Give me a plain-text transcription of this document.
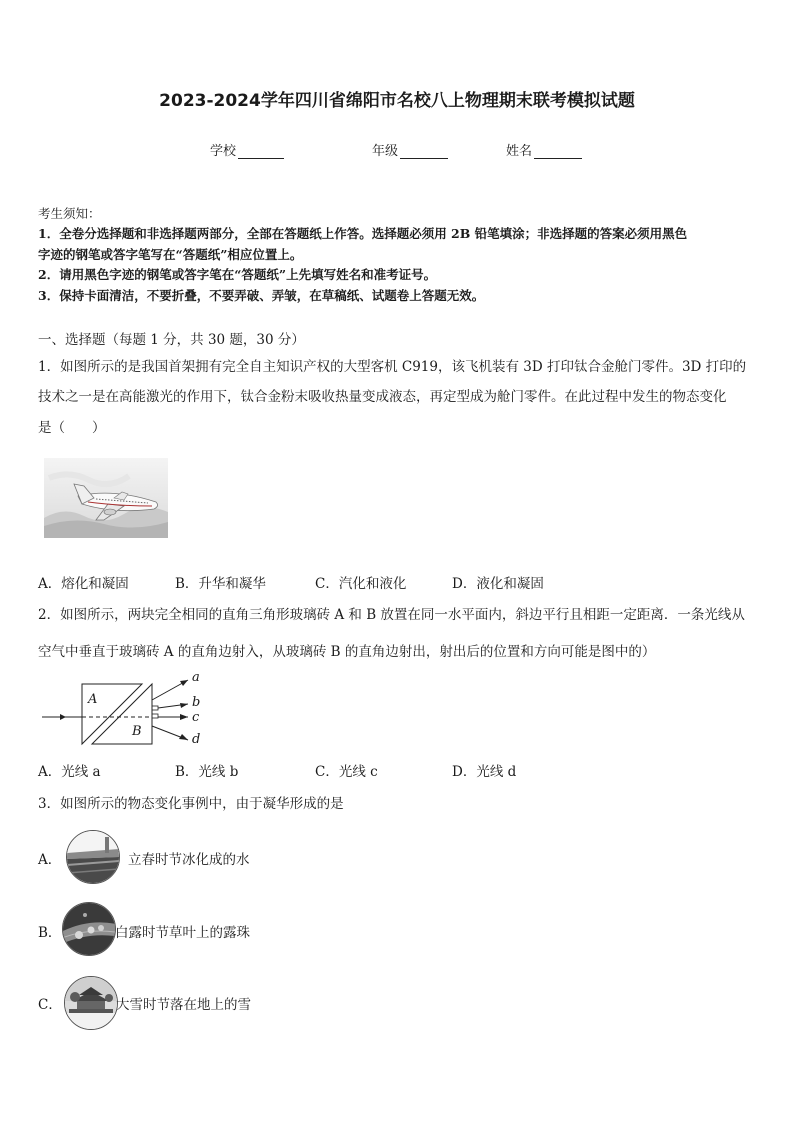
2023-2024学年四川省绵阳市名校八上物理期末联考模拟试题
学校	年级	姓名
考生须知：
1．全卷分选择题和非选择题两部分，全部在答题纸上作答。选择题必须用 2B 铅笔填涂；非选择题的答案必须用黑色
字迹的钢笔或答字笔写在“答题纸”相应位置上。
2．请用黑色字迹的钢笔或答字笔在“答题纸”上先填写姓名和准考证号。
3．保持卡面清洁，不要折叠，不要弄破、弄皱，在草稿纸、试题卷上答题无效。
一、选择题（每题 1 分，共 30 题，30 分）
1．如图所示的是我国首架拥有完全自主知识产权的大型客机 C919，该飞机装有 3D 打印钛合金舱门零件。3D 打印的
技术之一是在高能激光的作用下，钛合金粉末吸收热量变成液态，再定型成为舱门零件。在此过程中发生的物态变化
是（　　）
A．熔化和凝固	B．升华和凝华	C．汽化和液化	D．液化和凝固
2．如图所示，两块完全相同的直角三角形玻璃砖 A 和 B 放置在同一水平面内，斜边平行且相距一定距离．一条光线从
空气中垂直于玻璃砖 A 的直角边射入，从玻璃砖 B 的直角边射出，射出后的位置和方向可能是图中的）
A
B
a
b
c
d
A．光线 a	B．光线 b	C．光线 c	D．光线 d
3．如图所示的物态变化事例中，由于凝华形成的是
A．	立春时节冰化成的水
B．	白露时节草叶上的露珠
C．	大雪时节落在地上的雪
